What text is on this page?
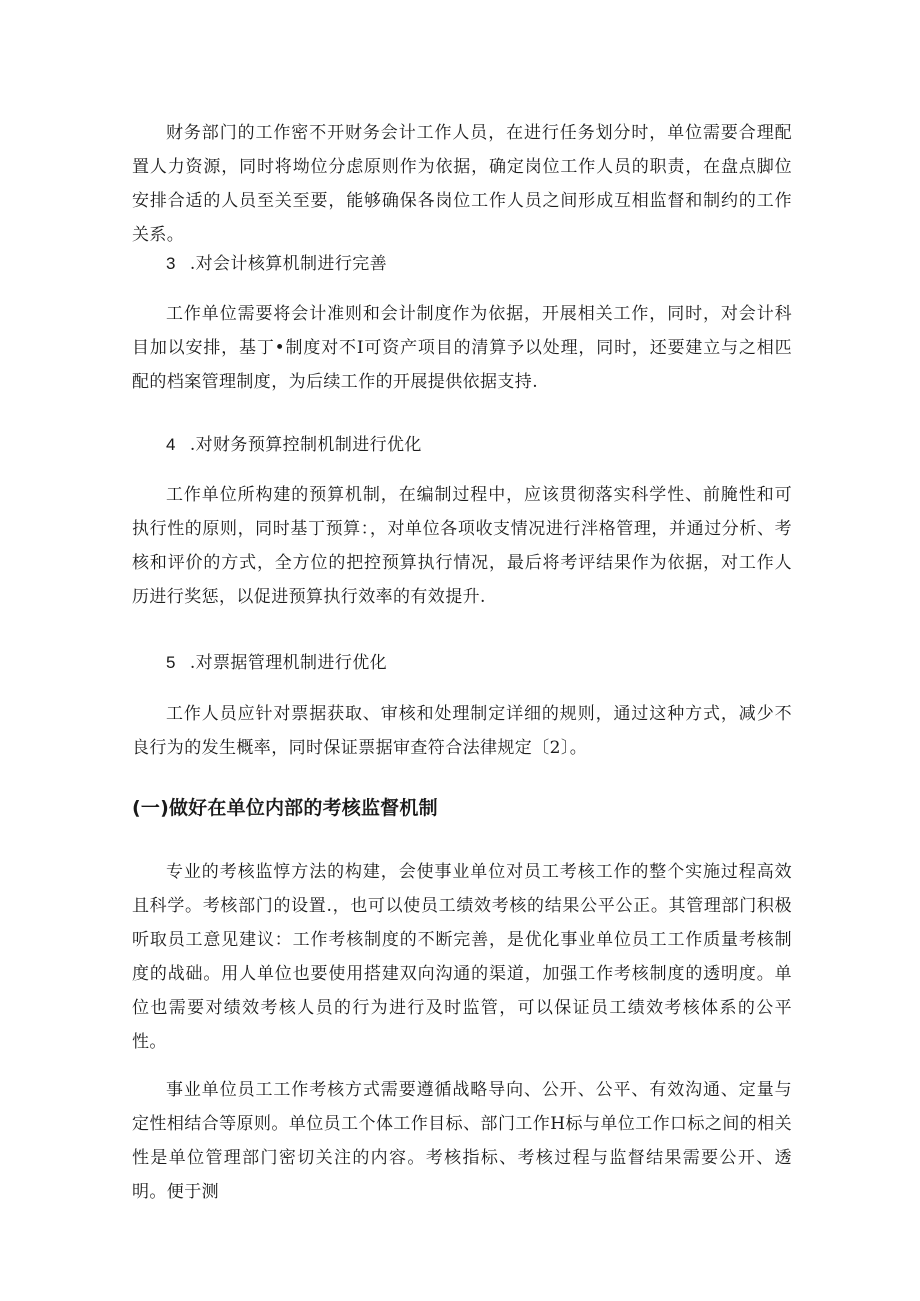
财务部门的工作密不开财务会计工作人员，在进行任务划分时，单位需要合理配置人力资源，同时将坳位分虑原则作为依据，确定岗位工作人员的职责，在盘点脚位安排合适的人员至关至要，能够确保各岗位工作人员之间形成互相监督和制约的工作关系。

3 .对会计核算机制进行完善

工作单位需要将会计准则和会计制度作为依据，开展相关工作，同时，对会计科目加以安排，基丁•制度对不I可资产项目的清算予以处理，同时，还要建立与之相匹配的档案管理制度，为后续工作的开展提供依据支持.

4 .对财务预算控制机制进行优化

工作单位所构建的预算机制，在编制过程中，应该贯彻落实科学性、前腌性和可执行性的原则，同时基丁预算：，对单位各项收支情况进行泮格管理，并通过分析、考核和评价的方式，全方位的把控预算执行情况，最后将考评结果作为依据，对工作人历进行奖惩，以促进预算执行效率的有效提升.

5 .对票据管理机制进行优化

工作人员应针对票据获取、审核和处理制定详细的规则，通过这种方式，减少不良行为的发生概率，同时保证票据审查符合法律规定〔2〕。

(一)做好在单位内部的考核监督机制

专业的考核监惇方法的构建，会使事业单位对员工考核工作的整个实施过程高效且科学。考核部门的设置.，也可以使员工绩效考核的结果公平公正。其管理部门积极听取员工意见建议：工作考核制度的不断完善，是优化事业单位员工工作质量考核制度的战础。用人单位也要使用搭建双向沟通的渠道，加强工作考核制度的透明度。单位也需要对绩效考核人员的行为进行及时监管，可以保证员工绩效考核体系的公平性。

事业单位员工工作考核方式需要遵循战略导向、公开、公平、有效沟通、定量与定性相结合等原则。单位员工个体工作目标、部门工作H标与单位工作口标之间的相关性是单位管理部门密切关注的内容。考核指标、考核过程与监督结果需要公开、透明。便于测
